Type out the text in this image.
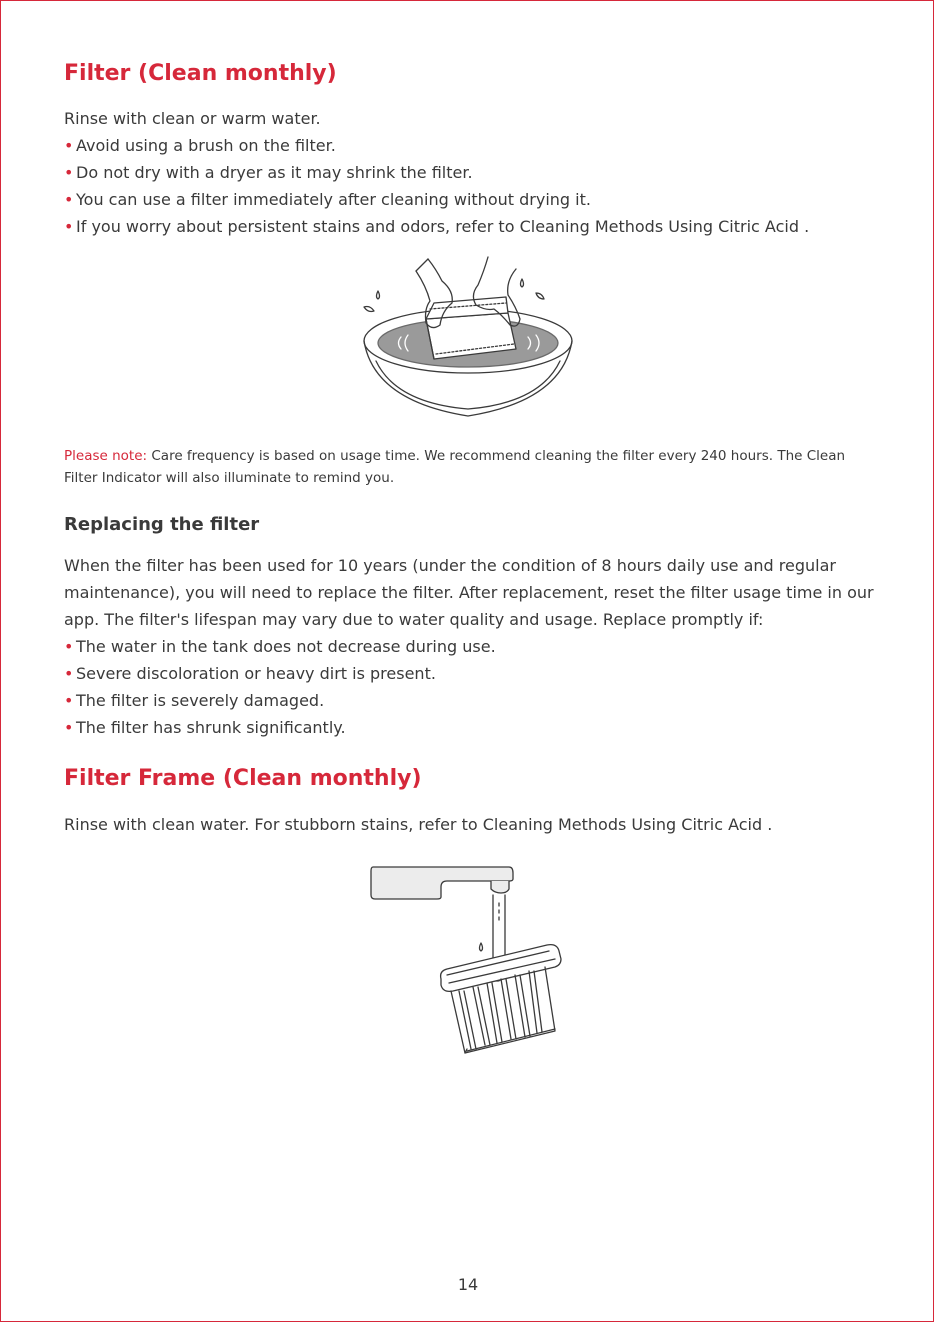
Filter (Clean monthly)
Rinse with clean or warm water.
• Avoid using a brush on the filter.
• Do not dry with a dryer as it may shrink the filter.
• You can use a filter immediately after cleaning without drying it.
• If you worry about persistent stains and odors, refer to Cleaning Methods Using Citric Acid .
Please note: Care frequency is based on usage time. We recommend cleaning the filter every 240 hours. The Clean Filter Indicator will also illuminate to remind you.
Replacing the filter
When the filter has been used for 10 years (under the condition of 8 hours daily use and regular maintenance), you will need to replace the filter. After replacement, reset the filter usage time in our app. The filter's lifespan may vary due to water quality and usage. Replace promptly if:
• The water in the tank does not decrease during use.
• Severe discoloration or heavy dirt is present.
• The filter is severely damaged.
• The filter has shrunk significantly.
Filter Frame (Clean monthly)
Rinse with clean water. For stubborn stains, refer to Cleaning Methods Using Citric Acid .
14
